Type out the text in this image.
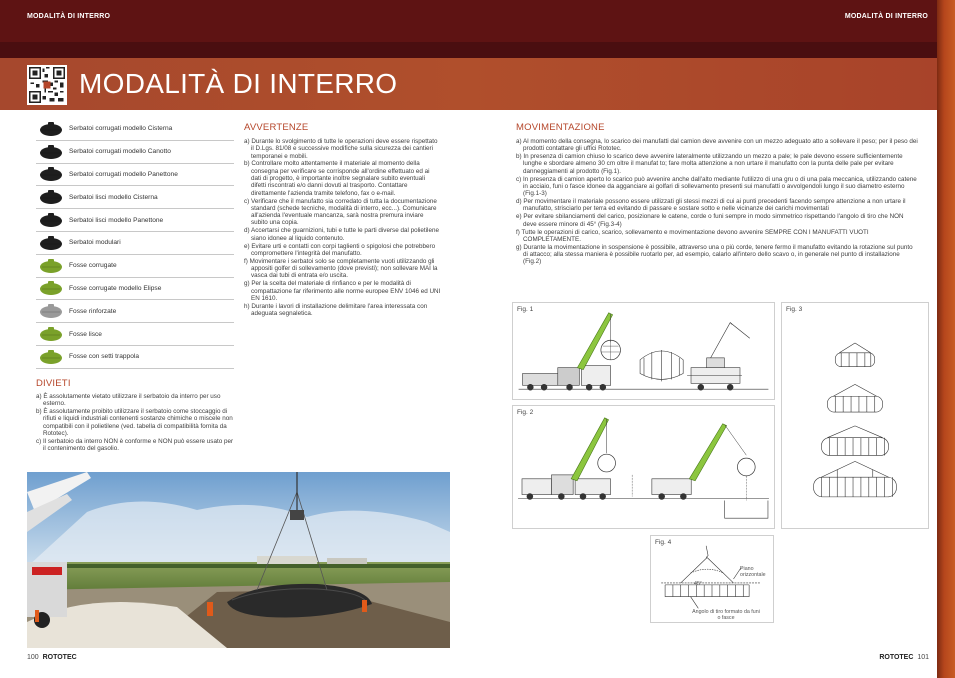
MODALITÀ DI INTERRO	MODALITÀ DI INTERRO
MODALITÀ DI INTERRO
Serbatoi corrugati modello Cisterna
Serbatoi corrugati modello Canotto
Serbatoi corrugati modello Panettone
Serbatoi lisci modello Cisterna
Serbatoi lisci modello Panettone
Serbatoi modulari
Fosse corrugate
Fosse corrugate modello Elipse
Fosse rinforzate
Fosse lisce
Fosse con setti trappola
DIVIETI

a) È assolutamente vietato utilizzare il serbatoio da interro per uso esterno.

b) È assolutamente proibito utilizzare il serbatoio come stoccaggio di rifiuti e liquidi industriali contenenti sostanze chimiche o miscele non compatibili con il polietilene (ved. tabella di compatibilità fornita da Rototec).

c) Il serbatoio da interro NON è conforme e NON può essere usato per il contenimento del gasolio.

AVVERTENZE

a) Durante lo svolgimento di tutte le operazioni deve essere rispettato il D.Lgs. 81/08 e successive modifiche sulla sicurezza dei cantieri temporanei e mobili.

b) Controllare molto attentamente il materiale al momento della consegna per verificare se corrisponde all'ordine effettuato ed ai dati di progetto, è importante inoltre segnalare subito eventuali difetti riscontrati e/o danni dovuti al trasporto. Contattare direttamente l'azienda tramite telefono, fax o e-mail.

c) Verificare che il manufatto sia corredato di tutta la documentazione standard (schede tecniche, modalità di interro, ecc...). Comunicare all'azienda l'eventuale mancanza, sarà nostra premura inviare subito una copia.

d) Accertarsi che guarnizioni, tubi e tutte le parti diverse dal polietilene siano idonee al liquido contenuto.

e) Evitare urti e contatti con corpi taglienti o spigolosi che potrebbero compromettere l'integrità del manufatto.

f) Movimentare i serbatoi solo se completamente vuoti utilizzando gli appositi golfer di sollevamento (dove previsti); non sollevare MAI la vasca dai tubi di entrata e/o uscita.

g) Per la scelta del materiale di rinfianco e per le modalità di compattazione far riferimento alle norme europee ENV 1046 ed UNI EN 1610.

h) Durante i lavori di installazione delimitare l'area interessata con adeguata segnaletica.

MOVIMENTAZIONE

a) Al momento della consegna, lo scarico dei manufatti dal camion deve avvenire con un mezzo adeguato atto a sollevare il peso; per il peso dei prodotti contattare gli uffici Rototec.

b) In presenza di camion chiuso lo scarico deve avvenire lateralmente utilizzando un mezzo a pale; le pale devono essere sufficientemente lunghe e sbordare almeno 30 cm oltre il manufat to; fare molta attenzione a non urtare il manufatto con la punta delle pale per evitare danneggiamenti al prodotto (Fig.1).

c) In presenza di camion aperto lo scarico può avvenire anche dall'alto mediante l'utilizzo di una gru o di una pala meccanica, utilizzando catene in acciaio, funi o fasce idonee da agganciare ai golfari di sollevamento presenti sui manufatti o avvolgendoli lungo il suo diametro esterno (Fig.1-3)

d) Per movimentare il materiale possono essere utilizzati gli stessi mezzi di cui ai punti precedenti facendo sempre attenzione a non urtare il manufatto, strisciarlo per terra ed evitando di passare e sostare sotto e nelle vicinanze dei carichi movimentati

e) Per evitare sbilanciamenti del carico, posizionare le catene, corde o funi sempre in modo simmetrico rispettando l'angolo di tiro che NON deve essere minore di 45° (Fig.3-4)

f) Tutte le operazioni di carico, scarico, sollevamento e movimentazione devono avvenire SEMPRE CON I MANUFATTI VUOTI COMPLETAMENTE.

g) Durante la movimentazione in sospensione è possibile, attraverso una o più corde, tenere fermo il manufatto evitando la rotazione sul punto di attacco; alla stessa maniera è possibile ruotarlo per, ad esempio, calarlo all'intero dello scavo o, in generale nel punto di installazione (Fig.2)

Fig. 1
Fig. 2
Fig. 3
Fig. 4
Piano orizzontale
45°
Angolo di tiro formato da funi o fasce
100 ROTOTEC	ROTOTEC 101
